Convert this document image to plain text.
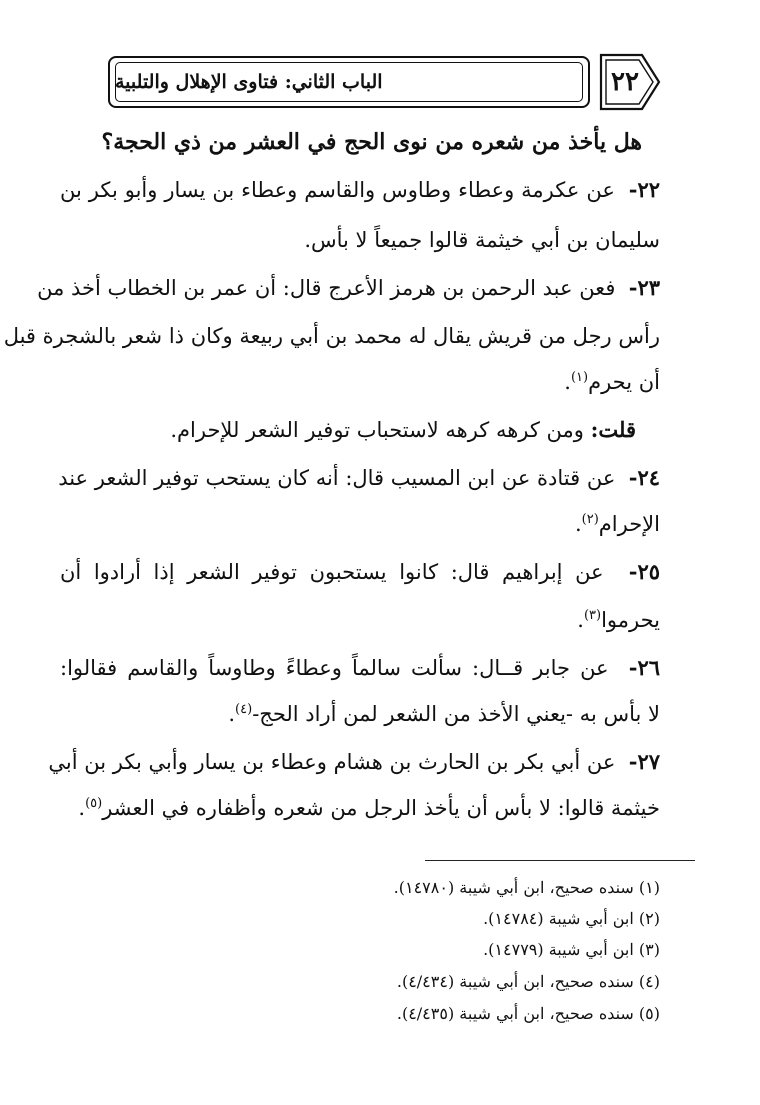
الباب الثاني: فتاوى الإهلال والتلبية	٢٢
هل يأخذ من شعره من نوى الحج في العشر من ذي الحجة؟
٢٢-  عن عكرمة وعطاء وطاوس والقاسم وعطاء بن يسار وأبو بكر بن
سليمان بن أبي خيثمة قالوا جميعاً لا بأس.
٢٣-  فعن عبد الرحمن بن هرمز الأعرج قال: أن عمر بن الخطاب أخذ من
رأس رجل من قريش يقال له محمد بن أبي ربيعة وكان ذا شعر بالشجرة قبل
أن يحرم$^{(١)}$.
قلت: ومن كرهه كرهه لاستحباب توفير الشعر للإحرام.
٢٤-  عن قتادة عن ابن المسيب قال: أنه كان يستحب توفير الشعر عند
الإحرام$^{(٢)}$.
٢٥-  عن إبراهيم قال: كانوا يستحبون توفير الشعر إذا أرادوا أن
يحرموا$^{(٣)}$.
٢٦-  عن جابر قــال: سألت سالماً وعطاءً وطاوساً والقاسم فقالوا:
لا بأس به -يعني الأخذ من الشعر لمن أراد الحج-$^{(٤)}$.
٢٧-  عن أبي بكر بن الحارث بن هشام وعطاء بن يسار وأبي بكر بن أبي
خيثمة قالوا: لا بأس أن يأخذ الرجل من شعره وأظفاره في العشر$^{(٥)}$.
(١) سنده صحيح، ابن أبي شيبة (١٤٧٨٠).
(٢) ابن أبي شيبة (١٤٧٨٤).
(٣) ابن أبي شيبة (١٤٧٧٩).
(٤) سنده صحيح، ابن أبي شيبة (٤/٤٣٤).
(٥) سنده صحيح، ابن أبي شيبة (٤/٤٣٥).
